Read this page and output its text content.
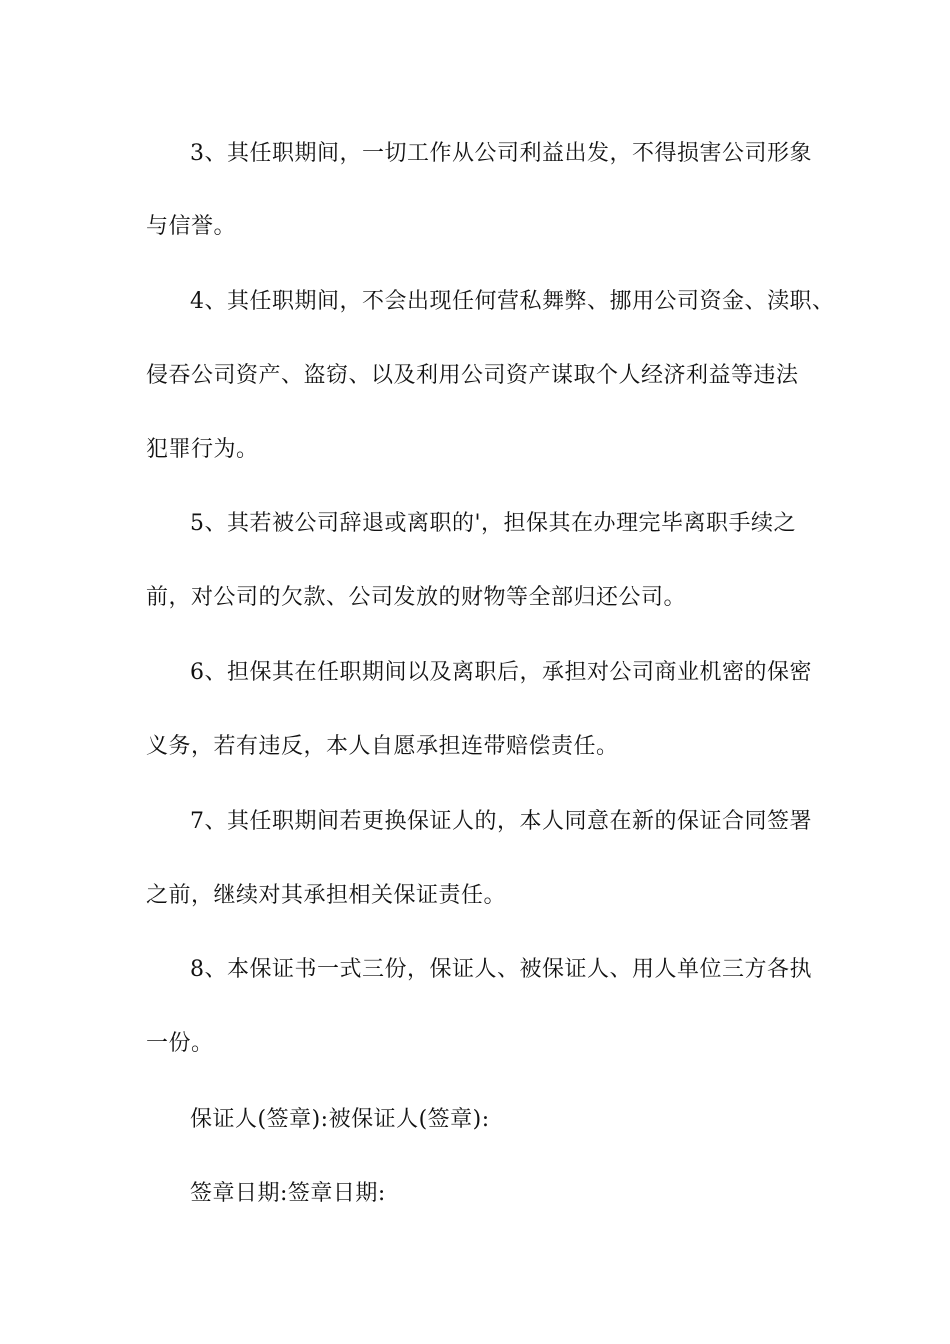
3、其任职期间，一切工作从公司利益出发，不得损害公司形象
与信誉。
4、其任职期间，不会出现任何营私舞弊、挪用公司资金、渎职、
侵吞公司资产、盗窃、以及利用公司资产谋取个人经济利益等违法
犯罪行为。
5、其若被公司辞退或离职的'，担保其在办理完毕离职手续之
前，对公司的欠款、公司发放的财物等全部归还公司。
6、担保其在任职期间以及离职后，承担对公司商业机密的保密
义务，若有违反，本人自愿承担连带赔偿责任。
7、其任职期间若更换保证人的，本人同意在新的保证合同签署
之前，继续对其承担相关保证责任。
8、本保证书一式三份，保证人、被保证人、用人单位三方各执
一份。
保证人(签章):被保证人(签章):
签章日期:签章日期:
